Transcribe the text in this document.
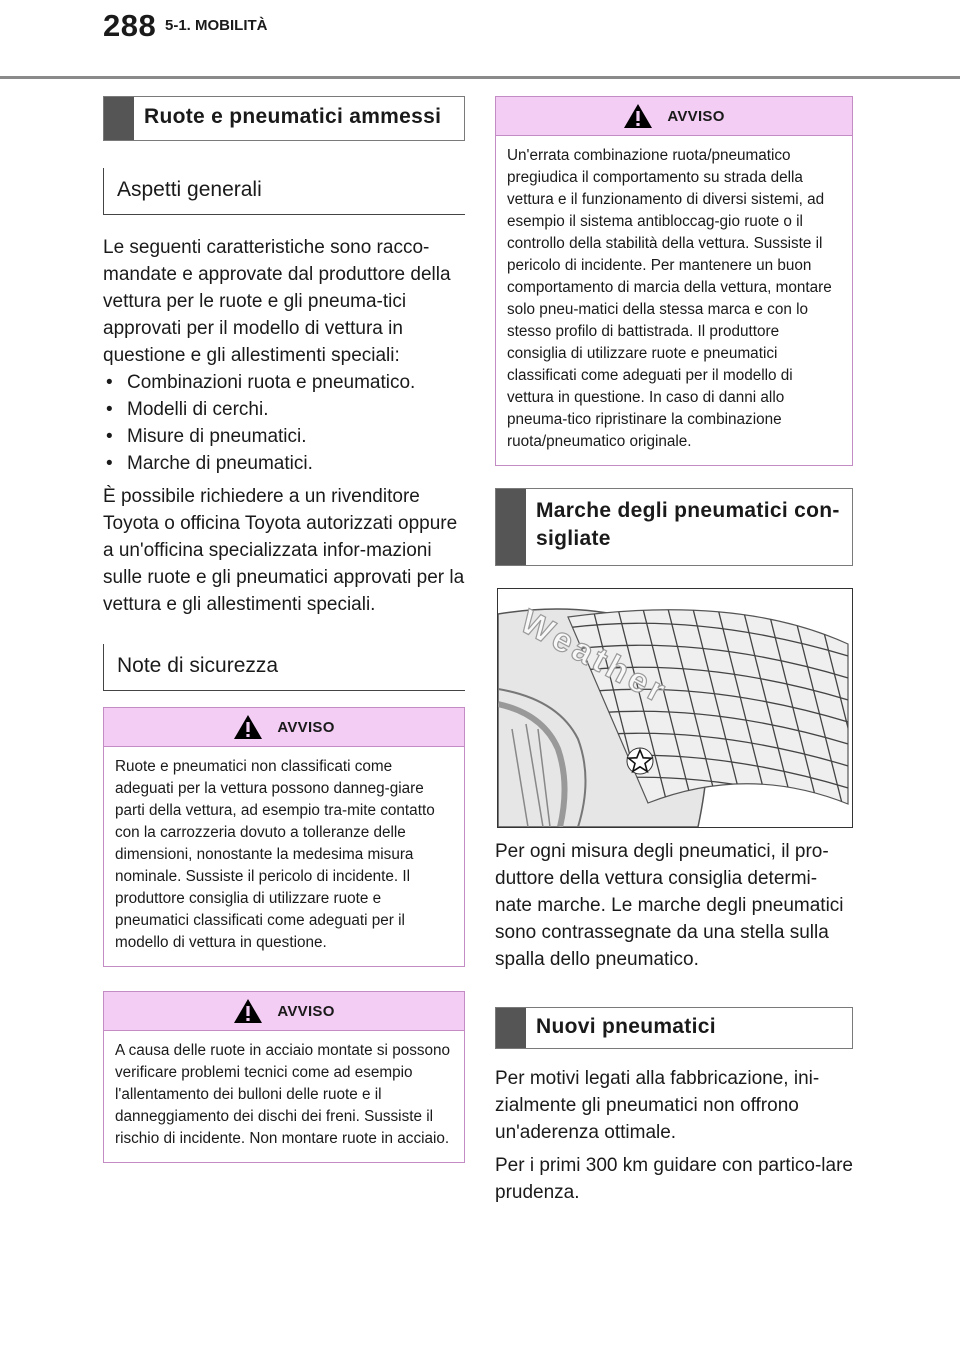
288 5-1. MOBILITÀ
Ruote e pneumatici ammessi
Aspetti generali

Le seguenti caratteristiche sono racco-mandate e approvate dal produttore della vettura per le ruote e gli pneuma-tici approvati per il modello di vettura in questione e gli allestimenti speciali:

• Combinazioni ruota e pneumatico.
• Modelli di cerchi.
• Misure di pneumatici.
• Marche di pneumatici.

È possibile richiedere a un rivenditore Toyota o officina Toyota autorizzati oppure a un'officina specializzata infor-mazioni sulle ruote e gli pneumatici approvati per la vettura e gli allestimenti speciali.

Note di sicurezza
AVVISO
Ruote e pneumatici non classificati come adeguati per la vettura possono danneg-giare parti della vettura, ad esempio tra-mite contatto con la carrozzeria dovuto a tolleranze delle dimensioni, nonostante la medesima misura nominale. Sussiste il pericolo di incidente. Il produttore consiglia di utilizzare ruote e pneumatici classificati come adeguati per il modello di vettura in questione.
AVVISO
A causa delle ruote in acciaio montate si possono verificare problemi tecnici come ad esempio l'allentamento dei bulloni delle ruote e il danneggiamento dei dischi dei freni. Sussiste il rischio di incidente. Non montare ruote in acciaio.
AVVISO
Un'errata combinazione ruota/pneumatico pregiudica il comportamento su strada della vettura e il funzionamento di diversi sistemi, ad esempio il sistema antibloccag-gio ruote o il controllo della stabilità della vettura. Sussiste il pericolo di incidente. Per mantenere un buon comportamento di marcia della vettura, montare solo pneu-matici della stessa marca e con lo stesso profilo di battistrada. Il produttore consiglia di utilizzare ruote e pneumatici classificati come adeguati per il modello di vettura in questione. In caso di danni allo pneuma-tico ripristinare la combinazione ruota/pneumatico originale.
Marche degli pneumatici con-sigliate
Weather

Per ogni misura degli pneumatici, il pro-duttore della vettura consiglia determi-nate marche. Le marche degli pneumatici sono contrassegnate da una stella sulla spalla dello pneumatico.

Nuovi pneumatici

Per motivi legati alla fabbricazione, ini-zialmente gli pneumatici non offrono un'aderenza ottimale.

Per i primi 300 km guidare con partico-lare prudenza.
